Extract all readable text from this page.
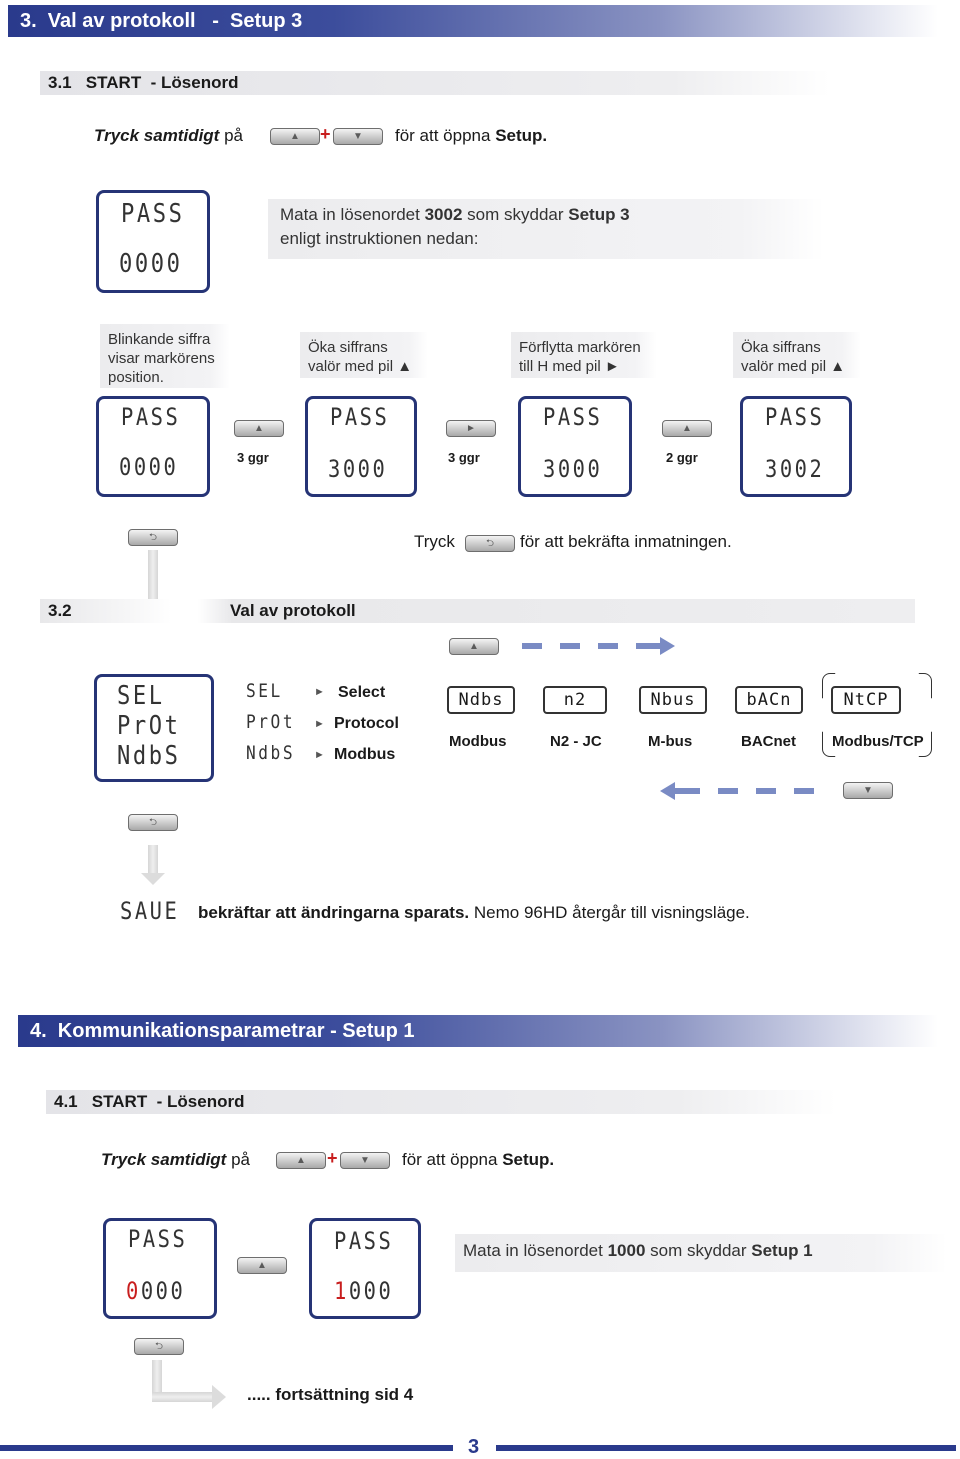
3.  Val av protokoll   -  Setup 3
3.1   START  - Lösenord
Tryck samtidigt på	▲	+	▼	för att öppna Setup.
PASS
0000
Mata in lösenordet 3002 som skyddar Setup 3
enligt instruktionen nedan:
Blinkande siffra visar markörens position.
Öka siffrans valör med pil ▲
Förflytta markören till H med pil ►
Öka siffrans valör med pil ▲
PASS
0000
▲
3 ggr
PASS
3000
►
3 ggr
PASS
3000
▲
2 ggr
PASS
3002
⮌	Tryck	⮌	för att bekräfta inmatningen.
3.2	Val av protokoll
▲
SEL
PrOt
NdbS
SEL	► Select
PrOt ► Protocol
NdbS ► Modbus
Ndbs
Modbus
n2
N2 - JC
Nbus
M-bus
bACn
BACnet
NtCP
Modbus/TCP
▼
⮌
SAUE bekräftar att ändringarna sparats. Nemo 96HD återgår till visningsläge.
4.  Kommunikationsparametrar - Setup 1
4.1   START  - Lösenord
Tryck samtidigt på	▲	+	▼	för att öppna Setup.
PASS
0000
▲
PASS
1000
Mata in lösenordet 1000 som skyddar Setup 1
⮌
..... fortsättning sid 4
3
